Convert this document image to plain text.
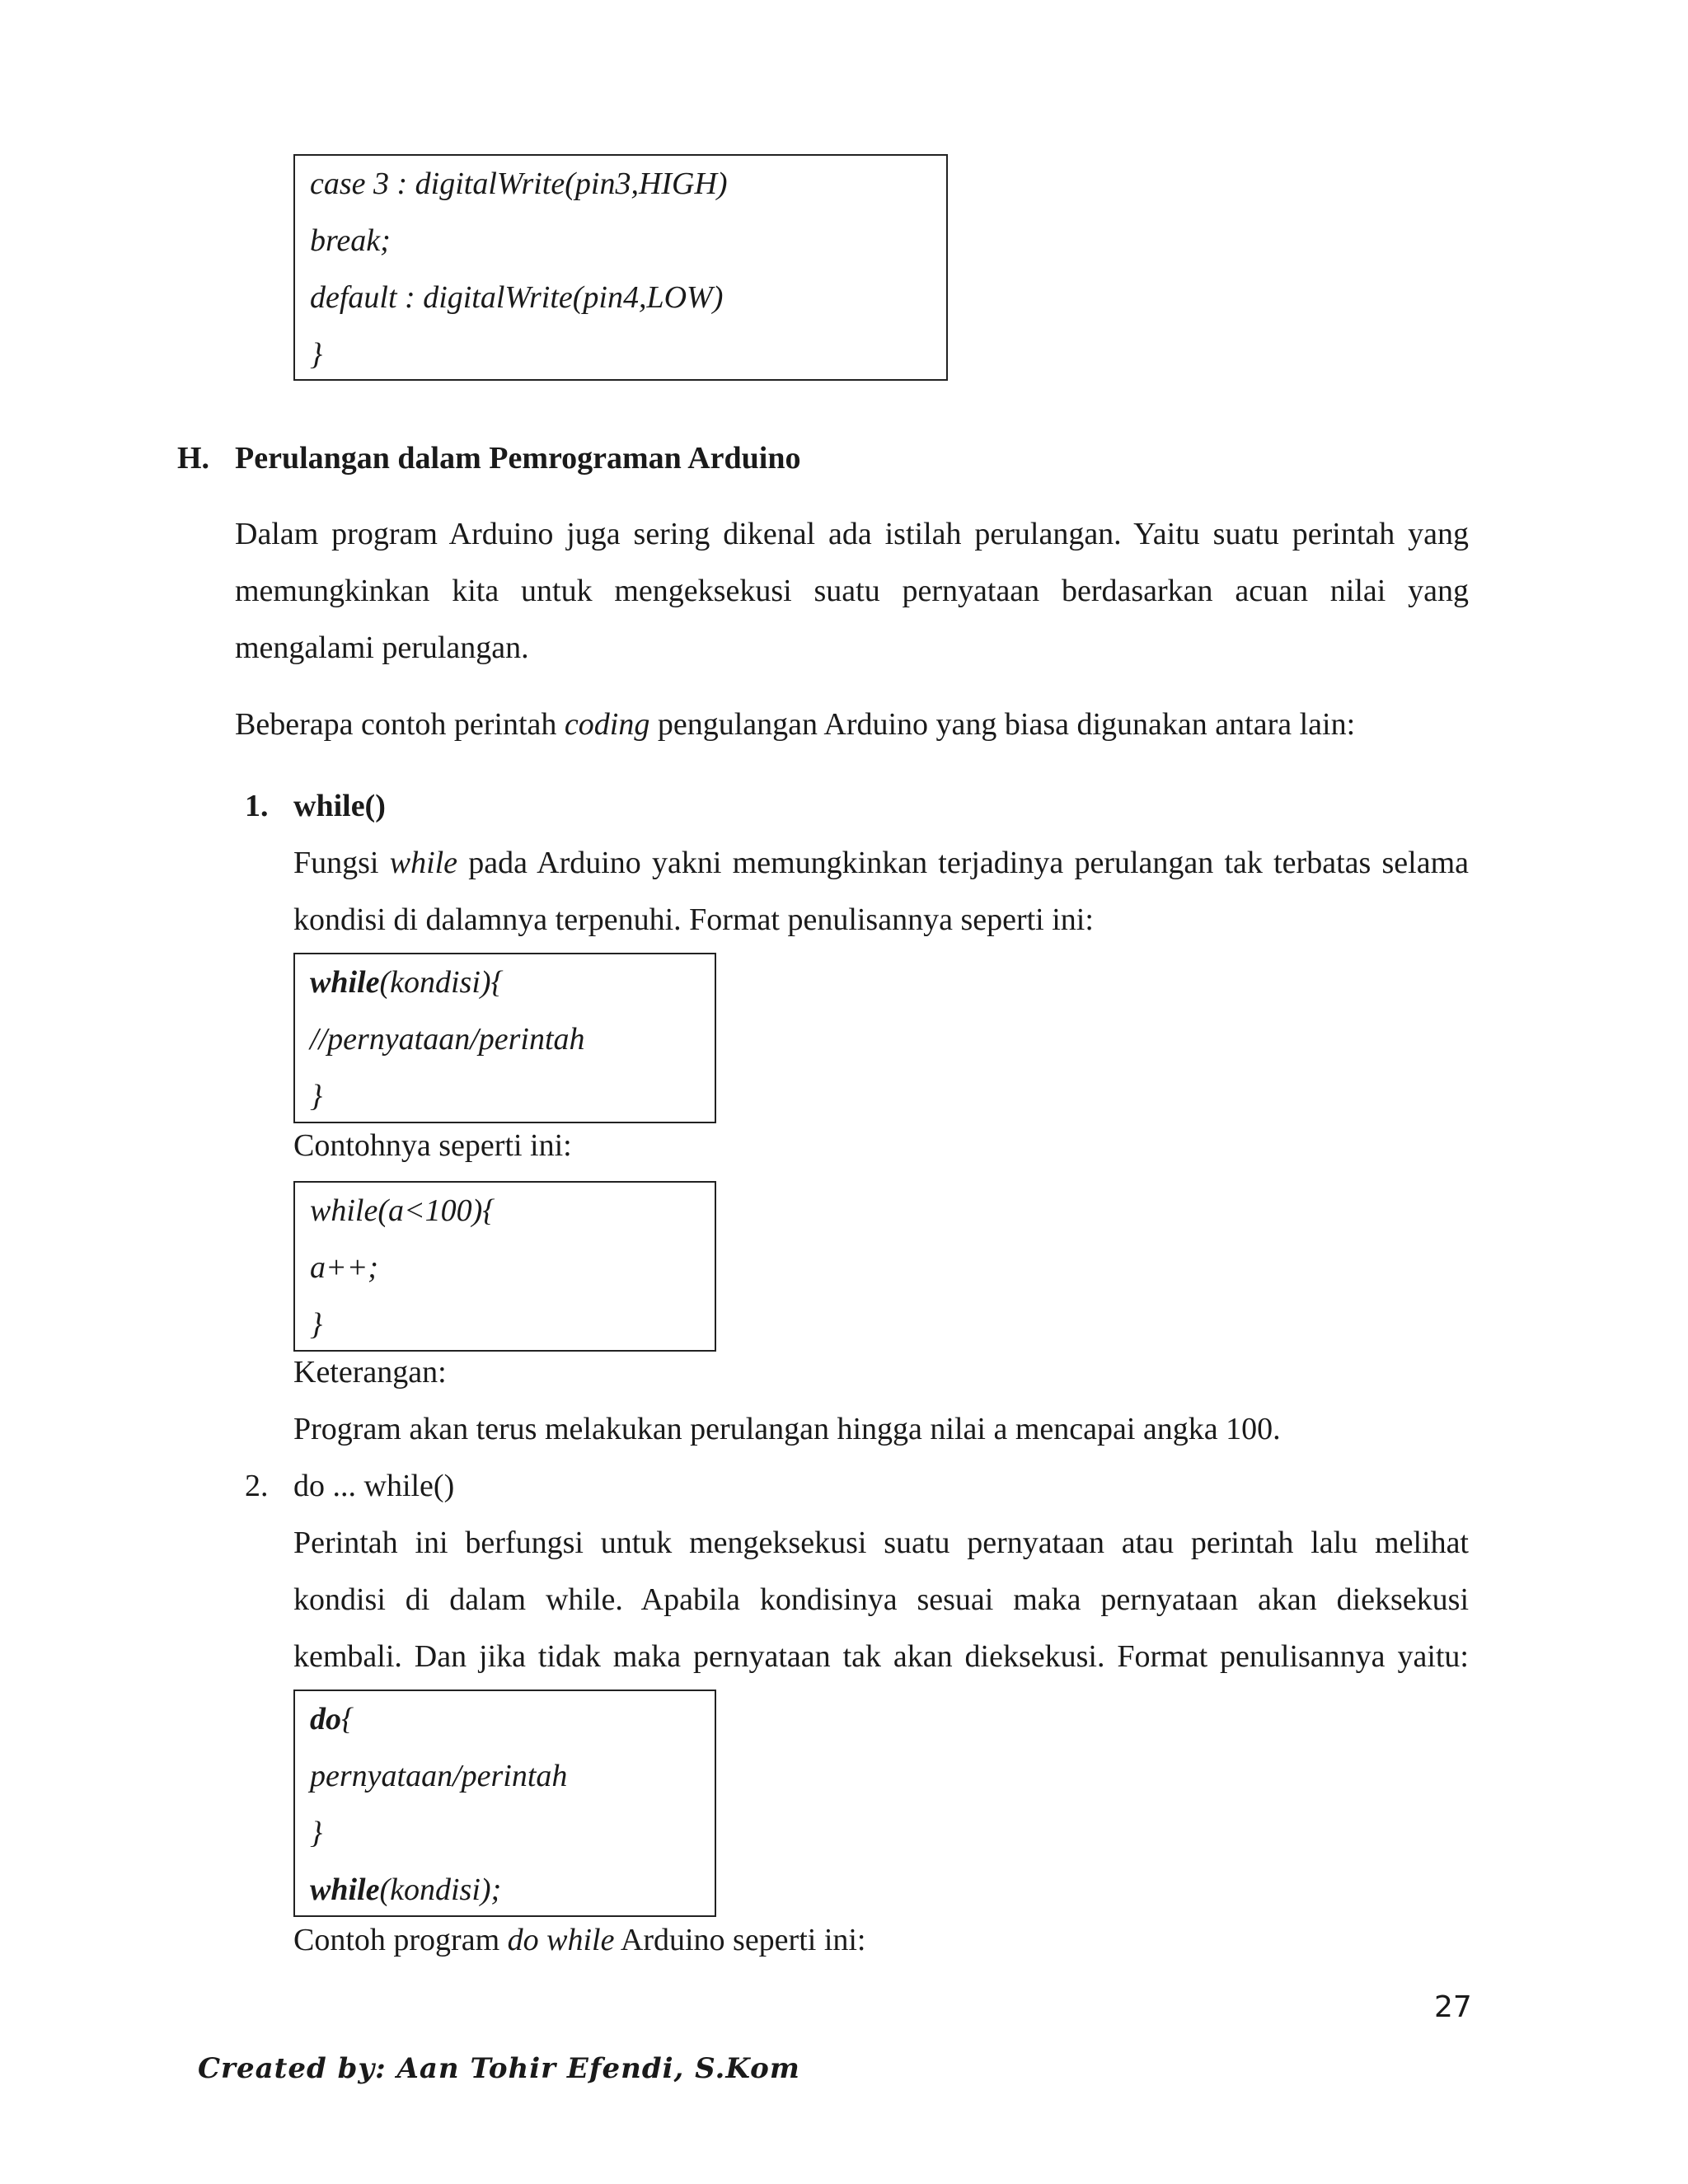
case 3 : digitalWrite(pin3,HIGH)
break;
default : digitalWrite(pin4,LOW)
}
H. Perulangan dalam Pemrograman Arduino
Dalam program Arduino juga sering dikenal ada istilah perulangan. Yaitu suatu perintah yang
memungkinkan kita untuk mengeksekusi suatu pernyataan berdasarkan acuan nilai yang
mengalami perulangan.
Beberapa contoh perintah coding pengulangan Arduino yang biasa digunakan antara lain:
1. while()
Fungsi while pada Arduino yakni memungkinkan terjadinya perulangan tak terbatas selama
kondisi di dalamnya terpenuhi. Format penulisannya seperti ini:
while(kondisi){
//pernyataan/perintah
}
Contohnya seperti ini:
while(a<100){
a++;
}
Keterangan:
Program akan terus melakukan perulangan hingga nilai a mencapai angka 100.
2. do ... while()
Perintah ini berfungsi untuk mengeksekusi suatu pernyataan atau perintah lalu melihat
kondisi di dalam while. Apabila kondisinya sesuai maka pernyataan akan dieksekusi
kembali. Dan jika tidak maka pernyataan tak akan dieksekusi. Format penulisannya yaitu:
do{
pernyataan/perintah
}
while(kondisi);
Contoh program do while Arduino seperti ini:
27
Created by: Aan Tohir Efendi, S.Kom
